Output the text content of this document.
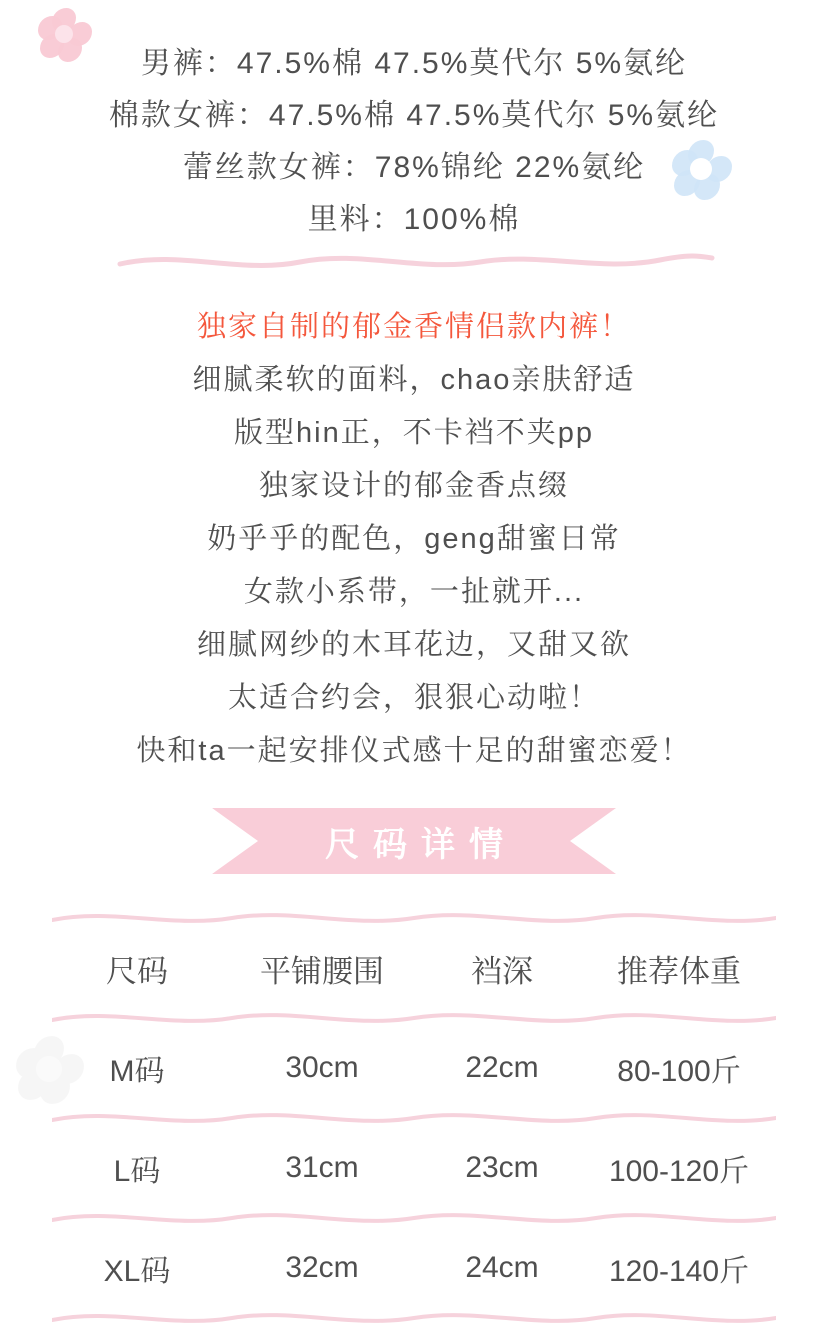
男裤：47.5%棉 47.5%莫代尔 5%氨纶
棉款女裤：47.5%棉 47.5%莫代尔 5%氨纶
蕾丝款女裤：78%锦纶 22%氨纶
里料：100%棉
独家自制的郁金香情侣款内裤！
细腻柔软的面料，chao亲肤舒适
版型hin正，不卡裆不夹pp
独家设计的郁金香点缀
奶乎乎的配色，geng甜蜜日常
女款小系带，一扯就开...
细腻网纱的木耳花边，又甜又欲
太适合约会，狠狠心动啦！
快和ta一起安排仪式感十足的甜蜜恋爱！
尺码详情
尺码	平铺腰围	裆深	推荐体重
M码	30cm	22cm	80-100斤
L码	31cm	23cm	100-120斤
XL码	32cm	24cm	120-140斤
